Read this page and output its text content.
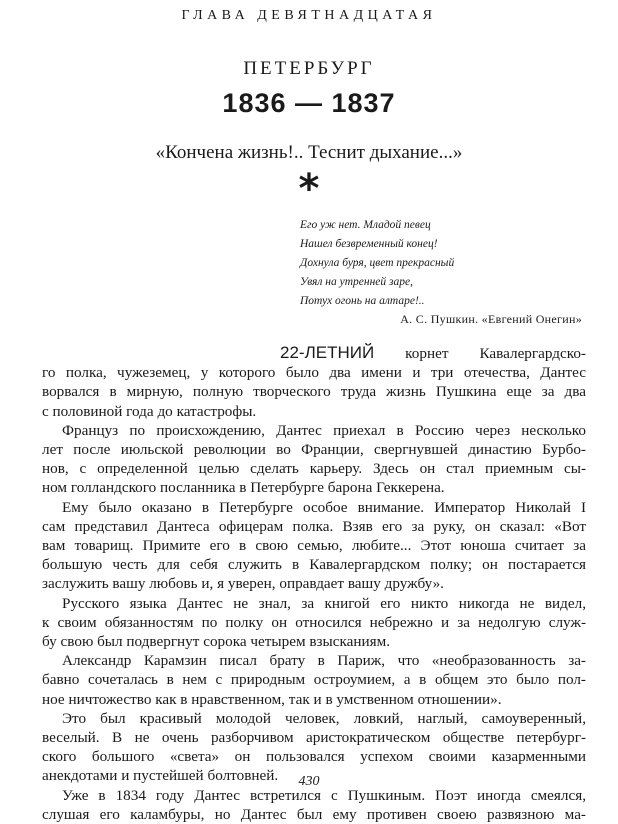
ГЛАВА ДЕВЯТНАДЦАТАЯ
ПЕТЕРБУРГ
1836 — 1837
«Кончена жизнь!.. Теснит дыхание...»
*
Его уж нет. Младой певец
Нашел безвременный конец!
Дохнула буря, цвет прекрасный
Увял на утренней заре,
Потух огонь на алтаре!..
А. С. Пушкин. «Евгений Онегин»
22-ЛЕТНИЙ корнет Кавалергардско-
го полка, чужеземец, у которого было два имени и три отечества, Дантес
ворвался в мирную, полную творческого труда жизнь Пушкина еще за два
с половиной года до катастрофы.
Француз по происхождению, Дантес приехал в Россию через несколько
лет после июльской революции во Франции, свергнувшей династию Бурбо-
нов, с определенной целью сделать карьеру. Здесь он стал приемным сы-
ном голландского посланника в Петербурге барона Геккерена.
Ему было оказано в Петербурге особое внимание. Император Николай I
сам представил Дантеса офицерам полка. Взяв его за руку, он сказал: «Вот
вам товарищ. Примите его в свою семью, любите... Этот юноша считает за
большую честь для себя служить в Кавалергардском полку; он постарается
заслужить вашу любовь и, я уверен, оправдает вашу дружбу».
Русского языка Дантес не знал, за книгой его никто никогда не видел,
к своим обязанностям по полку он относился небрежно и за недолгую служ-
бу свою был подвергнут сорока четырем взысканиям.
Александр Карамзин писал брату в Париж, что «необразованность за-
бавно сочеталась в нем с природным остроумием, а в общем это было пол-
ное ничтожество как в нравственном, так и в умственном отношении».
Это был красивый молодой человек, ловкий, наглый, самоуверенный,
веселый. В не очень разборчивом аристократическом обществе петербург-
ского большого «света» он пользовался успехом своими казарменными
анекдотами и пустейшей болтовней.
Уже в 1834 году Дантес встретился с Пушкиным. Поэт иногда смеялся,
слушая его каламбуры, но Дантес был ему противен своею развязною ма-
430
